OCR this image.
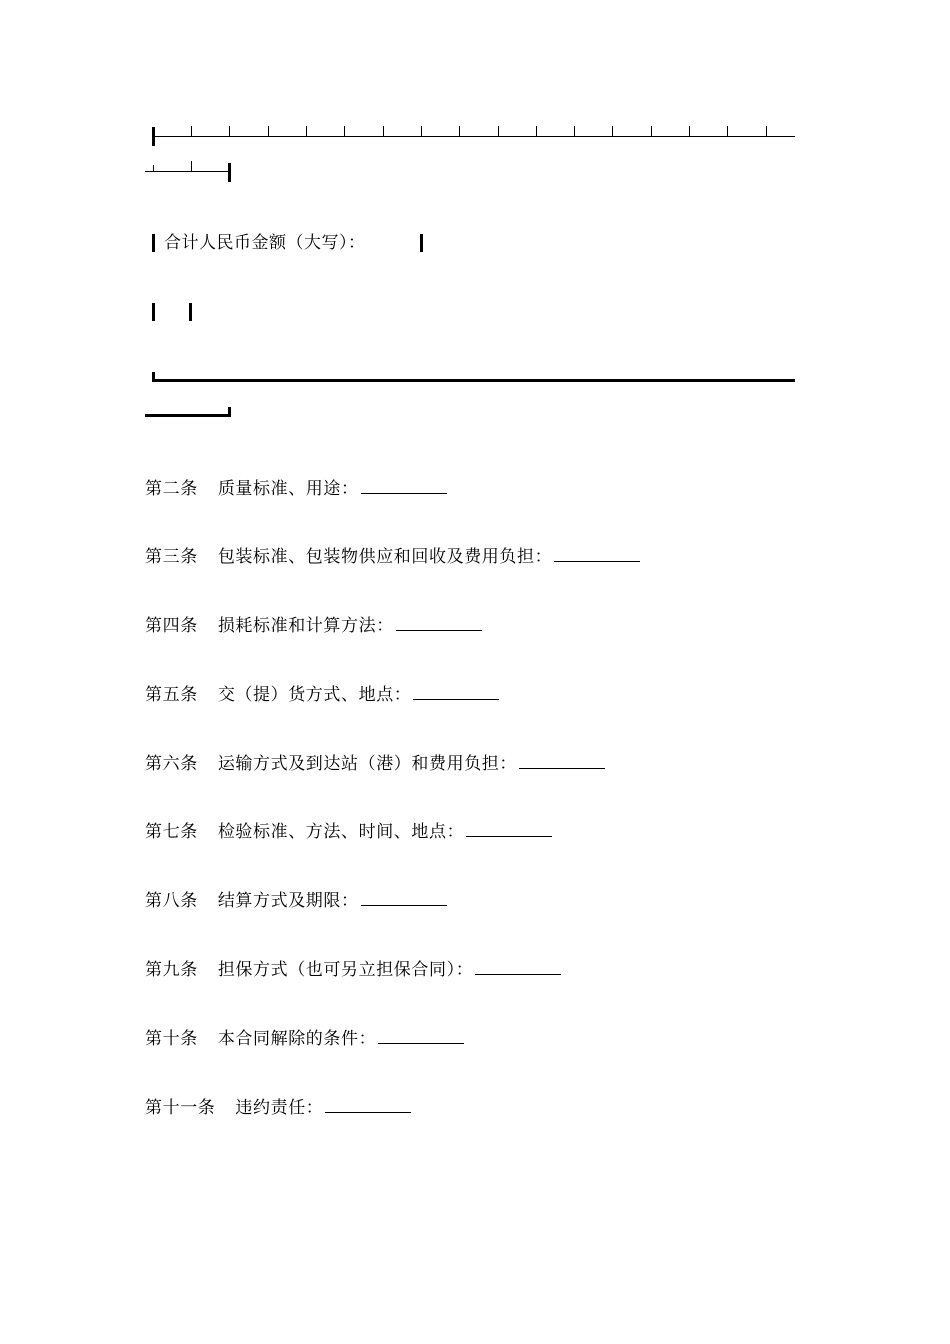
合计人民币金额（大写）：
第二条 质量标准、用途：
第三条 包装标准、包装物供应和回收及费用负担：
第四条 损耗标准和计算方法：
第五条 交（提）货方式、地点：
第六条 运输方式及到达站（港）和费用负担：
第七条 检验标准、方法、时间、地点：
第八条 结算方式及期限：
第九条 担保方式（也可另立担保合同）：
第十条 本合同解除的条件：
第十一条 违约责任：
